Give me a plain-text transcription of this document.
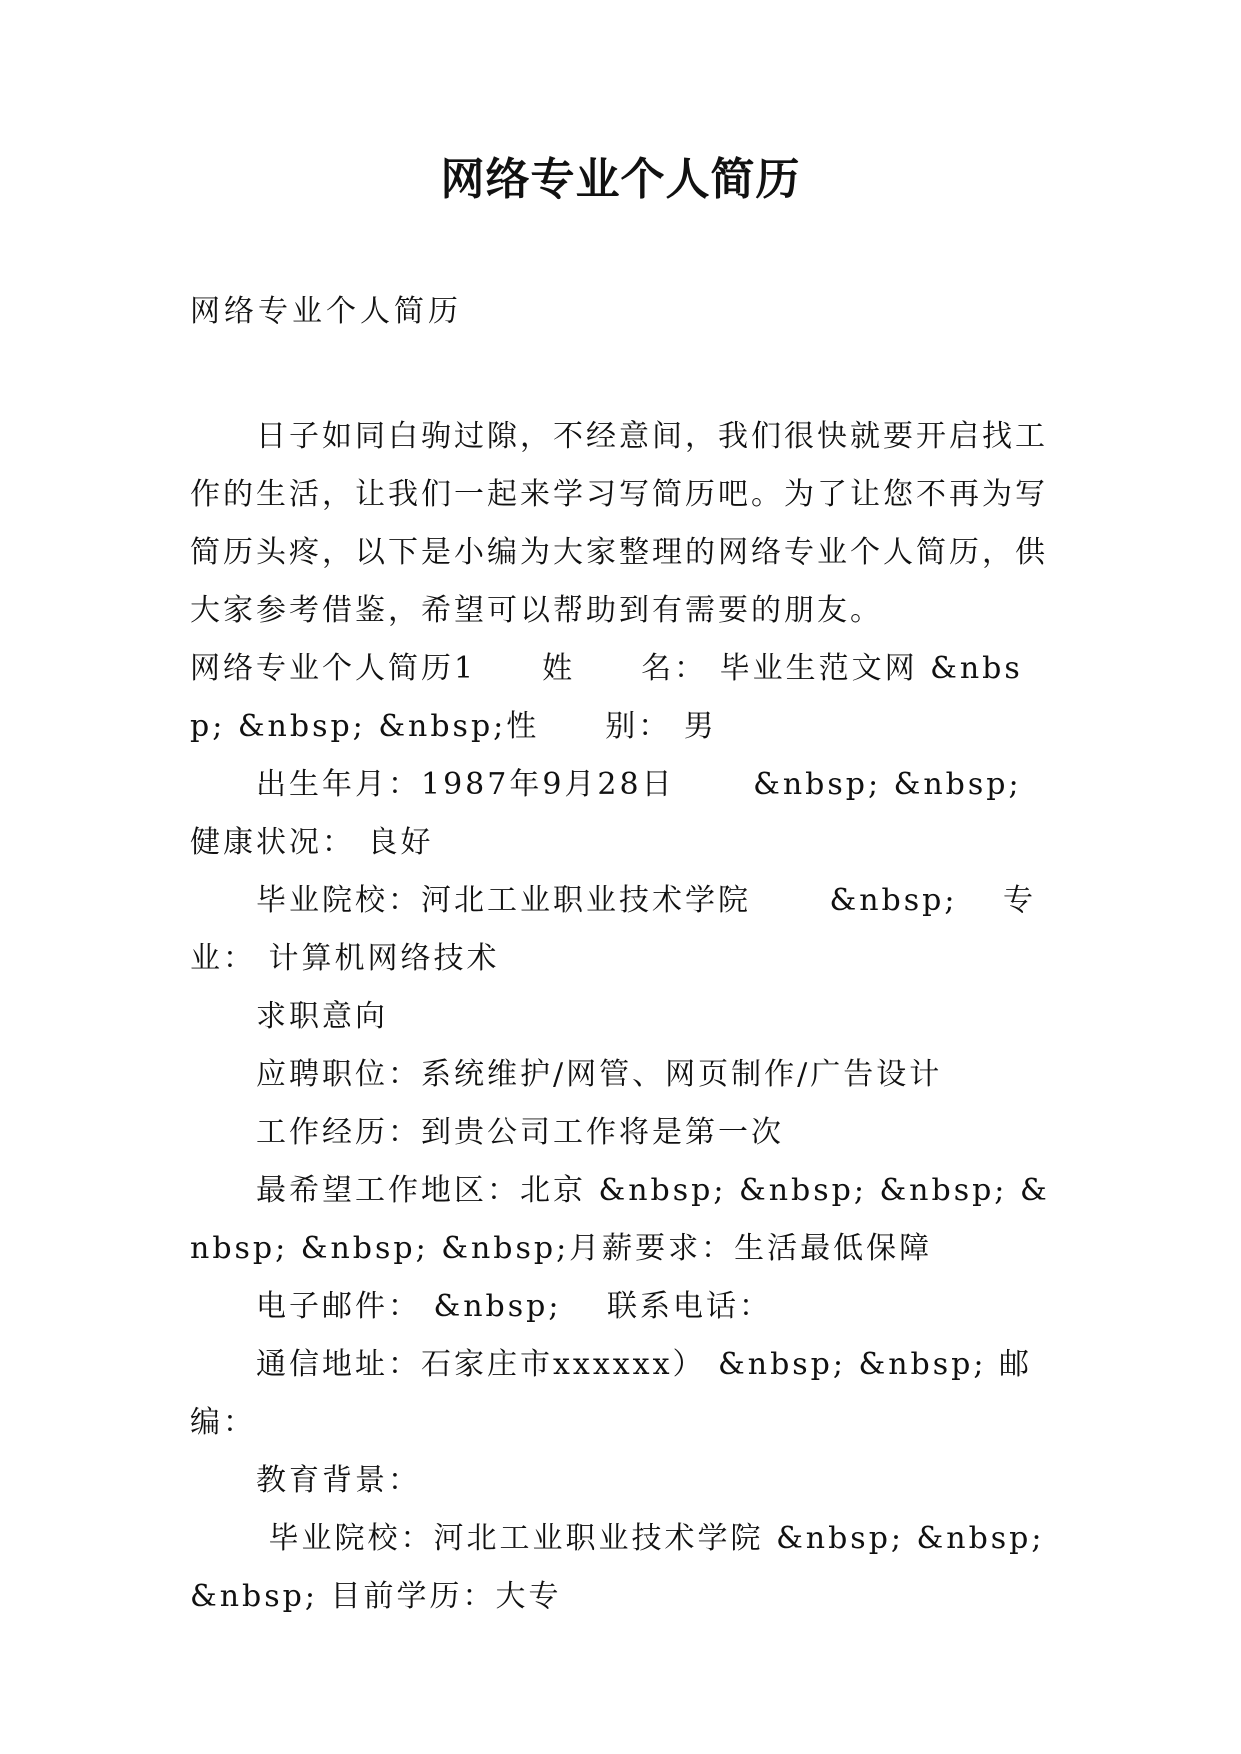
网络专业个人简历
网络专业个人简历

日子如同白驹过隙，不经意间，我们很快就要开启找工作的生活，让我们一起来学习写简历吧。为了让您不再为写简历头疼，以下是小编为大家整理的网络专业个人简历，供大家参考借鉴，希望可以帮助到有需要的朋友。

网络专业个人简历1　　姓　　名： 毕业生范文网 &nbsp; &nbsp; &nbsp;性　　别： 男

出生年月：1987年9月28日　　 &nbsp; &nbsp; 健康状况： 良好

毕业院校：河北工业职业技术学院　　 &nbsp;　 专业： 计算机网络技术

求职意向

应聘职位：系统维护/网管、网页制作/广告设计

工作经历：到贵公司工作将是第一次

最希望工作地区：北京 &nbsp; &nbsp; &nbsp; &nbsp; &nbsp; &nbsp;月薪要求：生活最低保障

电子邮件： &nbsp;　 联系电话：

通信地址：石家庄市xxxxxx） &nbsp; &nbsp; 邮编：

教育背景：

毕业院校：河北工业职业技术学院 &nbsp; &nbsp; &nbsp; 目前学历：大专
